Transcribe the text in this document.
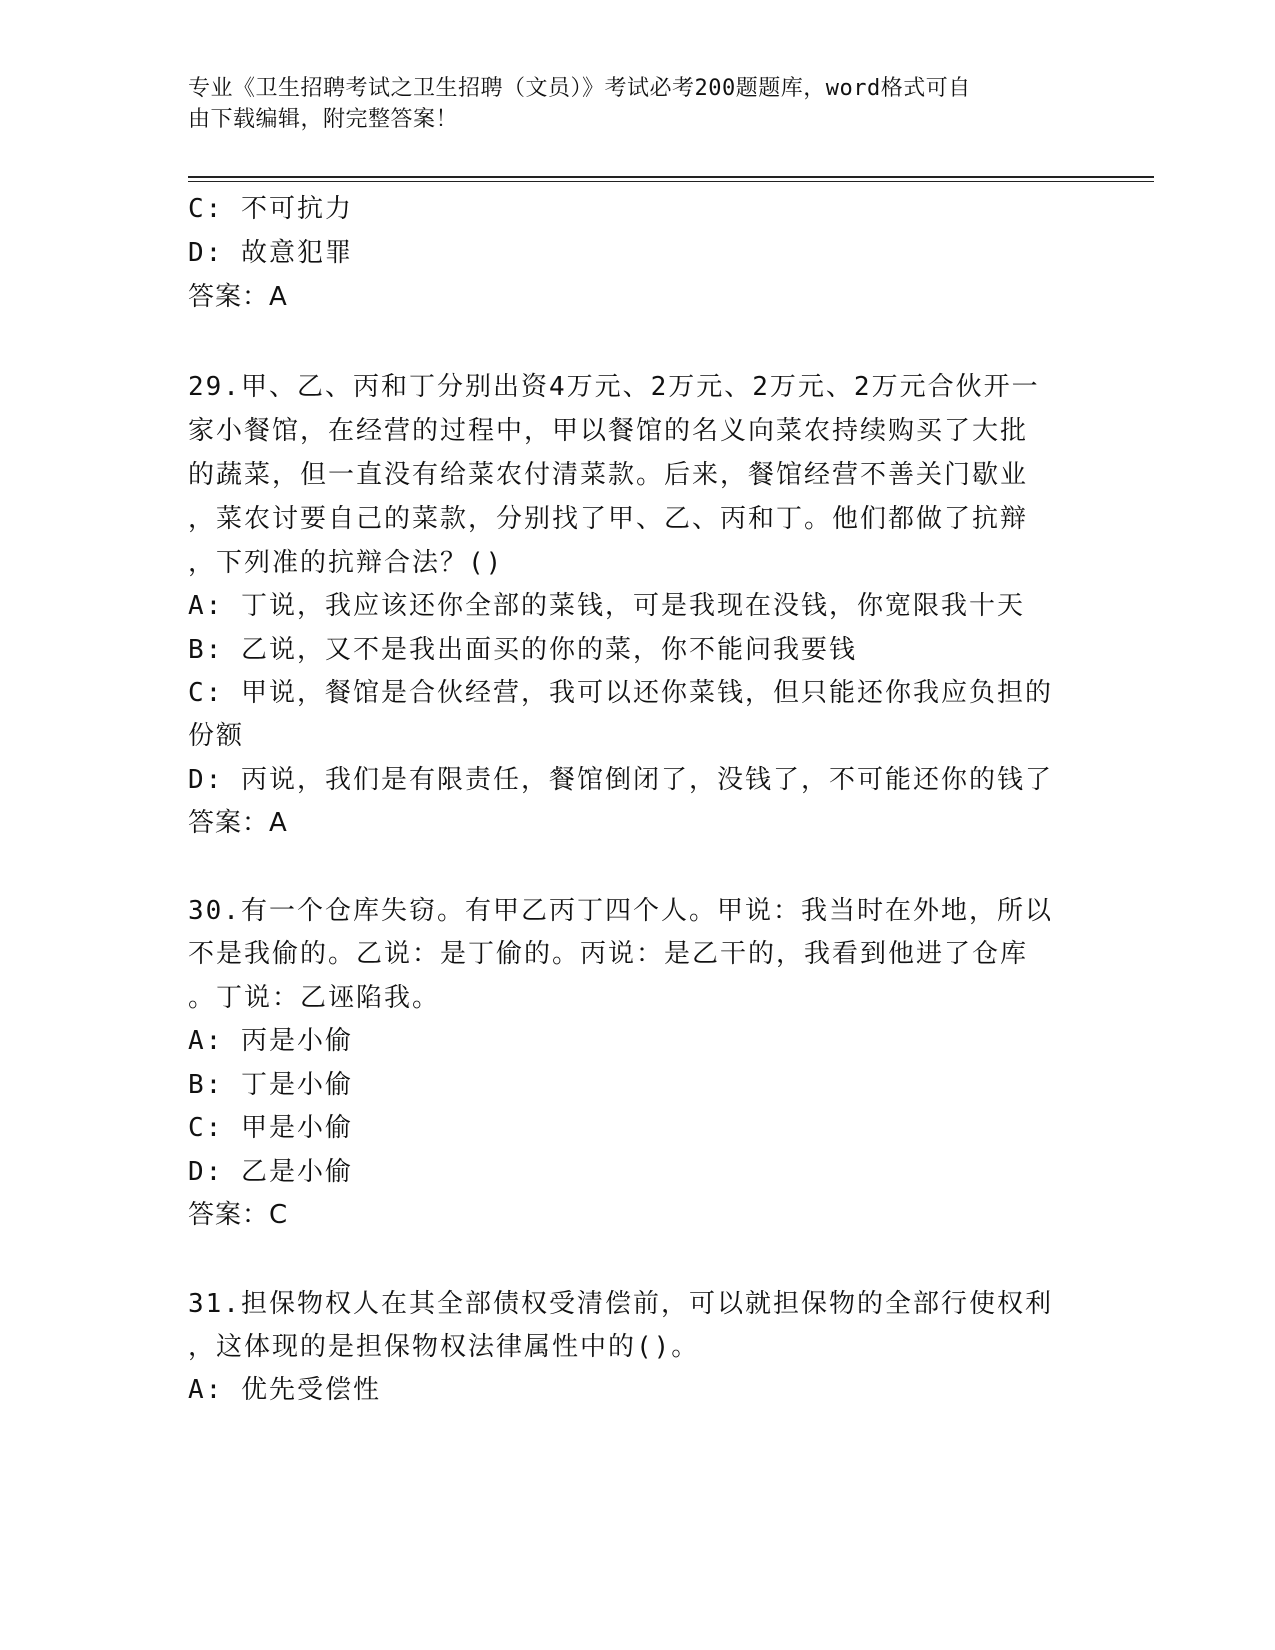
专业《卫生招聘考试之卫生招聘（文员）》考试必考200题题库，word格式可自
由下载编辑，附完整答案！
C: 不可抗力
D: 故意犯罪
答案：A
29.甲、乙、丙和丁分别出资4万元、2万元、2万元、2万元合伙开一
家小餐馆，在经营的过程中，甲以餐馆的名义向菜农持续购买了大批
的蔬菜，但一直没有给菜农付清菜款。后来，餐馆经营不善关门歇业
，菜农讨要自己的菜款，分别找了甲、乙、丙和丁。他们都做了抗辩
，下列准的抗辩合法？()
A: 丁说，我应该还你全部的菜钱，可是我现在没钱，你宽限我十天
B: 乙说，又不是我出面买的你的菜，你不能问我要钱
C: 甲说，餐馆是合伙经营，我可以还你菜钱，但只能还你我应负担的
份额
D: 丙说，我们是有限责任，餐馆倒闭了，没钱了，不可能还你的钱了
答案：A
30.有一个仓库失窃。有甲乙丙丁四个人。甲说：我当时在外地，所以
不是我偷的。乙说：是丁偷的。丙说：是乙干的，我看到他进了仓库
。丁说：乙诬陷我。
A: 丙是小偷
B: 丁是小偷
C: 甲是小偷
D: 乙是小偷
答案：C
31.担保物权人在其全部债权受清偿前，可以就担保物的全部行使权利
，这体现的是担保物权法律属性中的()。
A: 优先受偿性
